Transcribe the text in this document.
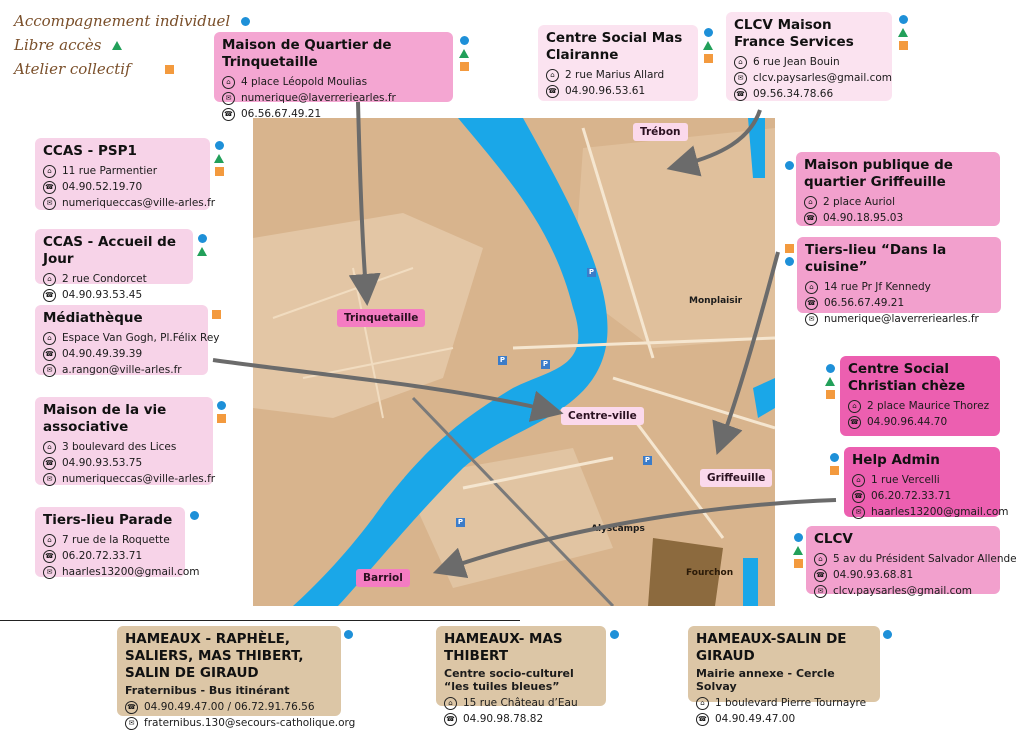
Accompagnement individuel
Libre accès
Atelier collectif
P
P
P
P
P
Trébon
Trinquetaille
Centre-ville
Griffeuille
Barriol
Monplaisir
Alyscamps
Fourchon
Maison de Quartier de Trinquetaille
⌂ 4 place Léopold Moulias
✉ numerique@laverreriearles.fr
☎ 06.56.67.49.21
Centre Social Mas Clairanne
⌂ 2 rue Marius Allard
☎ 04.90.96.53.61
CLCV Maison France Services
⌂ 6 rue Jean Bouin
✉ clcv.paysarles@gmail.com
☎ 09.56.34.78.66
CCAS - PSP1
⌂ 11 rue Parmentier
☎ 04.90.52.19.70
✉ numeriqueccas@ville-arles.fr
CCAS - Accueil de Jour
⌂ 2 rue Condorcet
☎ 04.90.93.53.45
Médiathèque
⌂ Espace Van Gogh, Pl.Félix Rey
☎ 04.90.49.39.39
✉ a.rangon@ville-arles.fr
Maison de la vie associative
⌂ 3 boulevard des Lices
☎ 04.90.93.53.75
✉ numeriqueccas@ville-arles.fr
Tiers-lieu Parade
⌂ 7 rue de la Roquette
☎ 06.20.72.33.71
✉ haarles13200@gmail.com
Maison publique de quartier Griffeuille
⌂ 2 place Auriol
☎ 04.90.18.95.03
Tiers-lieu “Dans la cuisine”
⌂ 14 rue Pr Jf Kennedy
☎ 06.56.67.49.21
✉ numerique@laverreriearles.fr
Centre Social Christian chèze
⌂ 2 place Maurice Thorez
☎ 04.90.96.44.70
Help Admin
⌂ 1 rue Vercelli
☎ 06.20.72.33.71
✉ haarles13200@gmail.com
CLCV
⌂ 5 av du Président Salvador Allende
☎ 04.90.93.68.81
✉ clcv.paysarles@gmail.com
HAMEAUX - RAPHÈLE, SALIERS, MAS THIBERT, SALIN DE GIRAUD
Fraternibus - Bus itinérant
☎ 04.90.49.47.00 / 06.72.91.76.56
✉ fraternibus.130@secours-catholique.org
HAMEAUX- MAS THIBERT
Centre socio-culturel “les tuiles bleues”
⌂ 15 rue Château d’Eau
☎ 04.90.98.78.82
HAMEAUX-SALIN DE GIRAUD
Mairie annexe - Cercle Solvay
⌂ 1 boulevard Pierre Tournayre
☎ 04.90.49.47.00
